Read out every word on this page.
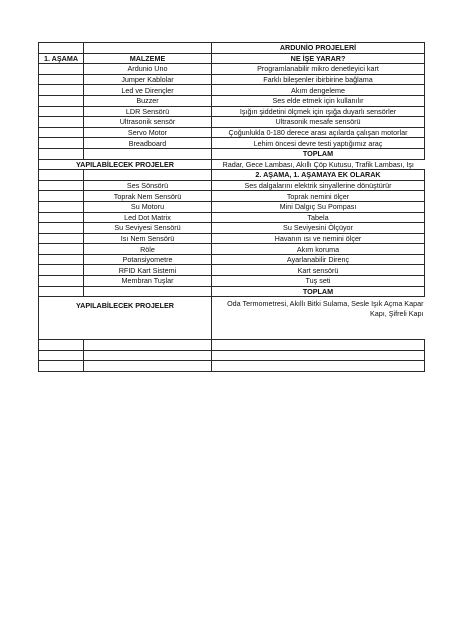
		ARDUNİO PROJELERİ
1. AŞAMA	MALZEME	NE İŞE YARAR?
	Ardunio Uno	Programlanabilir mikro denetleyici kart
	Jumper Kablolar	Farklı bileşenler ibirbirine bağlama
	Led ve Dirençler	Akım dengeleme
	Buzzer	Ses elde etmek için kullanılır
	LDR Sensörü	Işığın şiddetini ölçmek için ışığa duyarlı sensörler
	Ultrasonik sensör	Ultrasonik mesafe sensörü
	Servo Motor	Çoğunlukla 0-180 derece arası açılarda çalışan motorlar
	Breadboard	Lehim öncesi devre testi yaptığımız araç
		TOPLAM
YAPILABİLECEK PROJELER		Radar, Gece Lambası, Akıllı Çöp Kutusu, Trafik Lambası, Işı
		2. AŞAMA, 1. AŞAMAYA EK OLARAK
	Ses Sönsörü	Ses dalgalarını elektrik sinyallerine dönüştürür
	Toprak Nem Sensörü	Toprak nemini ölçer
	Su Motoru	Mini Dalgıç Su Pompası
	Led Dot Matrix	Tabela
	Su Seviyesi Sensörü	Su Seviyesini Ölçüyor
	Isı Nem Sensörü	Havanın ısı ve nemini ölçer
	Röle	Akım koruma
	Potansiyometre	Ayarlanabilir Direnç
	RFID Kart Sistemi	Kart sensörü
	Membran Tuşlar	Tuş seti
		TOPLAM
YAPILABİLECEK PROJELER		Oda Termometresi, Akıllı Bitki Sulama, Sesle Işık Açma Kapar
Kapı, Şifreli Kapı
